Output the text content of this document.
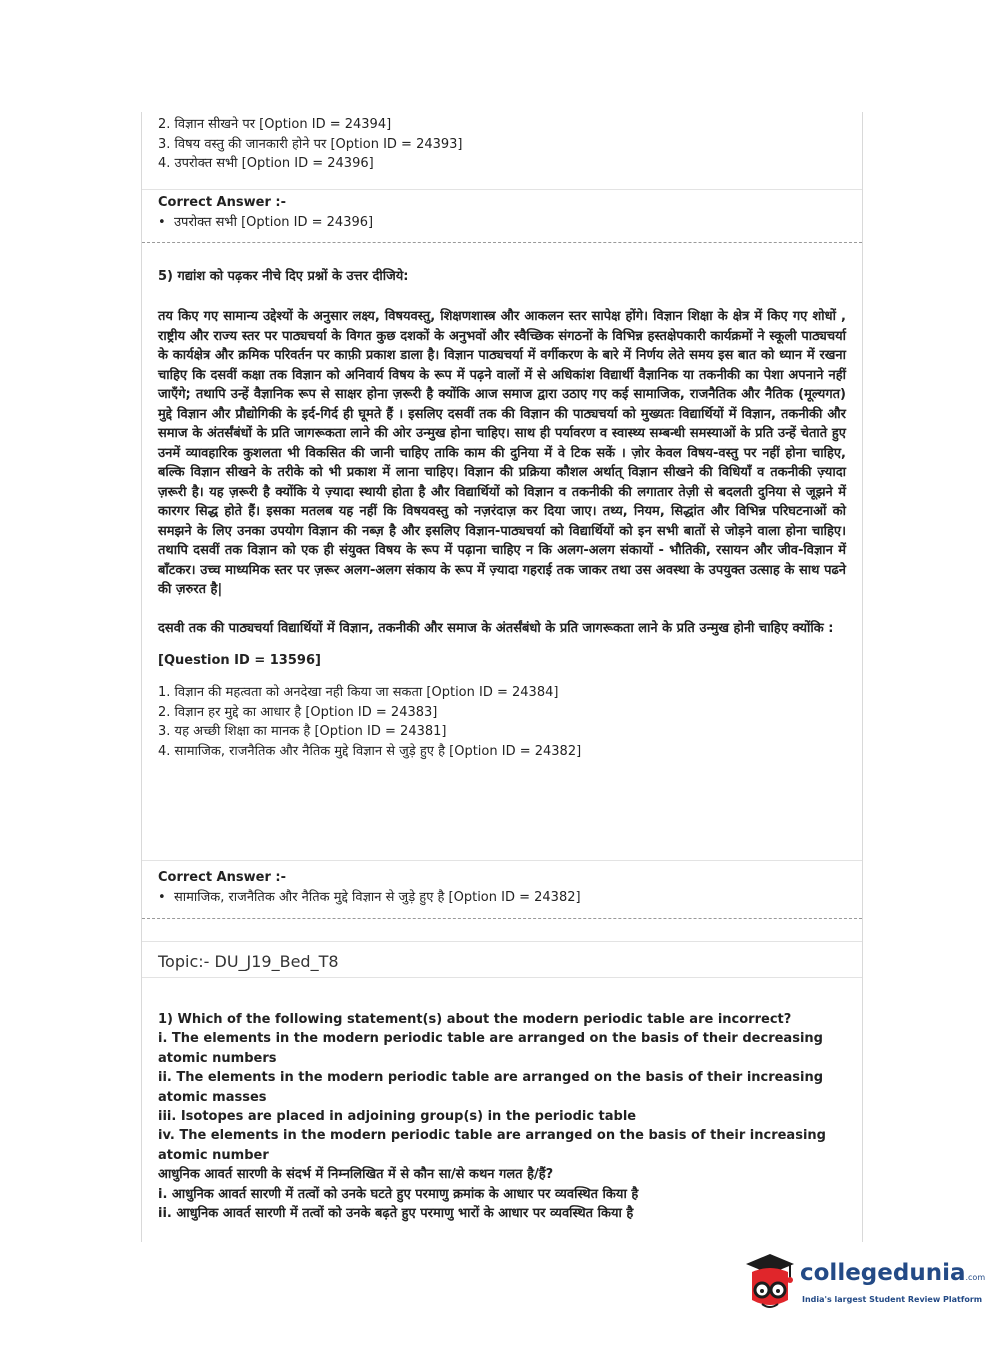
2. विज्ञान सीखने पर [Option ID = 24394]
3. विषय वस्तु की जानकारी होने पर [Option ID = 24393]
4. उपरोक्त सभी [Option ID = 24396]
Correct Answer :-
•  उपरोक्त सभी [Option ID = 24396]
5) गद्यांश को पढ़कर नीचे दिए प्रश्नों के उत्तर दीजिये:
तय किए गए सामान्य उद्देश्यों के अनुसार लक्ष्य, विषयवस्तु, शिक्षणशास्त्र और आकलन स्तर सापेक्ष होंगे। विज्ञान शिक्षा के क्षेत्र में किए गए शोधों , राष्ट्रीय और राज्य स्तर पर पाठ्यचर्या के विगत कुछ दशकों के अनुभवों और स्वैच्छिक संगठनों के विभिन्न हस्तक्षेपकारी कार्यक्रमों ने स्कूली पाठ्यचर्या के कार्यक्षेत्र और क्रमिक परिवर्तन पर काफ़ी प्रकाश डाला है। विज्ञान पाठ्यचर्या में वर्गीकरण के बारे में निर्णय लेते समय इस बात को ध्यान में रखना चाहिए कि दसवीं कक्षा तक विज्ञान को अनिवार्य विषय के रूप में पढ़ने वालों में से अधिकांश विद्यार्थी वैज्ञानिक या तकनीकी का पेशा अपनाने नहीं जाएँगे; तथापि उन्हें वैज्ञानिक रूप से साक्षर होना ज़रूरी है क्योंकि आज समाज द्वारा उठाए गए कई सामाजिक, राजनैतिक और नैतिक (मूल्यगत) मुद्दे विज्ञान और प्रौद्योगिकी के इर्द-गिर्द ही घूमते हैं । इसलिए दसवीं तक की विज्ञान की पाठ्यचर्या को मुख्यतः विद्यार्थियों में विज्ञान, तकनीकी और समाज के अंतर्संबंधों के प्रति जागरूकता लाने की ओर उन्मुख होना चाहिए। साथ ही पर्यावरण व स्वास्थ्य सम्बन्धी समस्याओं के प्रति उन्हें चेताते हुए उनमें व्यावहारिक कुशलता भी विकसित की जानी चाहिए ताकि काम की दुनिया में वे टिक सकें । ज़ोर केवल विषय-वस्तु पर नहीं होना चाहिए, बल्कि विज्ञान सीखने के तरीके को भी प्रकाश में लाना चाहिए। विज्ञान की प्रक्रिया कौशल अर्थात् विज्ञान सीखने की विधियाँ व तकनीकी ज़्यादा ज़रूरी है। यह ज़रूरी है क्योंकि ये ज़्यादा स्थायी होता है और विद्यार्थियों को विज्ञान व तकनीकी की लगातार तेज़ी से बदलती दुनिया से जूझने में कारगर सिद्ध होते हैं। इसका मतलब यह नहीं कि विषयवस्तु को नज़रंदाज़ कर दिया जाए। तथ्य, नियम, सिद्धांत और विभिन्न परिघटनाओं को समझने के लिए उनका उपयोग विज्ञान की नब्ज़ है और इसलिए विज्ञान-पाठ्यचर्या को विद्यार्थियों को इन सभी बातों से जोड़ने वाला होना चाहिए। तथापि दसवीं तक विज्ञान को एक ही संयुक्त विषय के रूप में पढ़ाना चाहिए न कि अलग-अलग संकायों - भौतिकी, रसायन और जीव-विज्ञान में बाँटकर। उच्च माध्यमिक स्तर पर ज़रूर अलग-अलग संकाय के रूप में ज़्यादा गहराई तक जाकर तथा उस अवस्था के उपयुक्त उत्साह के साथ पढने की ज़रुरत है|
दसवी तक की पाठ्यचर्या विद्यार्थियों में विज्ञान, तकनीकी और समाज के अंतर्संबंधो के प्रति जागरूकता लाने के प्रति उन्मुख होनी चाहिए क्योंकि :
[Question ID = 13596]
1. विज्ञान की महत्वता को अनदेखा नही किया जा सकता [Option ID = 24384]
2. विज्ञान हर मुद्दे का आधार है [Option ID = 24383]
3. यह अच्छी शिक्षा का मानक है [Option ID = 24381]
4. सामाजिक, राजनैतिक और नैतिक मुद्दे विज्ञान से जुड़े हुए है [Option ID = 24382]
Correct Answer :-
•  सामाजिक, राजनैतिक और नैतिक मुद्दे विज्ञान से जुड़े हुए है [Option ID = 24382]
Topic:- DU_J19_Bed_T8
1) Which of the following statement(s) about the modern periodic table are incorrect?
i. The elements in the modern periodic table are arranged on the basis of their decreasing atomic numbers
ii. The elements in the modern periodic table are arranged on the basis of their increasing atomic masses
iii. Isotopes are placed in adjoining group(s) in the periodic table
iv. The elements in the modern periodic table are arranged on the basis of their increasing atomic number
आधुनिक आवर्त सारणी के संदर्भ में निम्नलिखित में से कौन सा/से कथन गलत है/हैं?
i. आधुनिक आवर्त सारणी में तत्वों को उनके घटते हुए परमाणु क्रमांक के आधार पर व्यवस्थित किया है
ii. आधुनिक आवर्त सारणी में तत्वों को उनके बढ़ते हुए परमाणु भारों के आधार पर व्यवस्थित किया है
collegedunia.com
India's largest Student Review Platform
